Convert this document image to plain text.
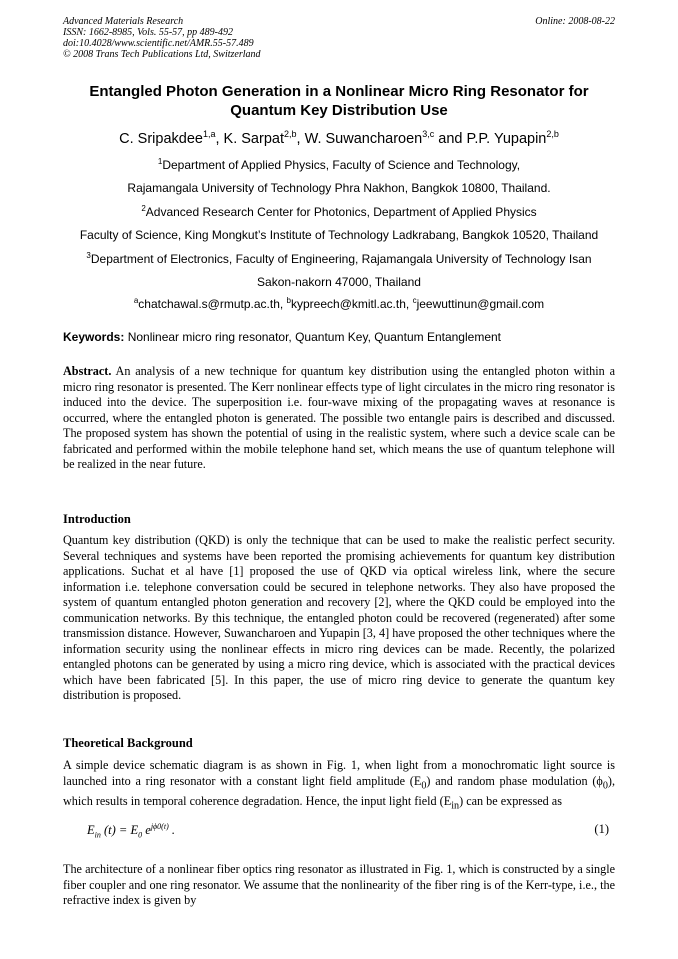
Advanced Materials Research
ISSN: 1662-8985, Vols. 55-57, pp 489-492
doi:10.4028/www.scientific.net/AMR.55-57.489
© 2008 Trans Tech Publications Ltd, Switzerland
Online: 2008-08-22
Entangled Photon Generation in a Nonlinear Micro Ring Resonator for
Quantum Key Distribution Use
C. Sripakdee$^{1,a}$, K. Sarpat$^{2,b}$, W. Suwancharoen$^{3,c}$ and P.P. Yupapin$^{2,b}$
$^1$Department of Applied Physics, Faculty of Science and Technology,
Rajamangala University of Technology Phra Nakhon, Bangkok 10800, Thailand.
$^2$Advanced Research Center for Photonics, Department of Applied Physics
Faculty of Science, King Mongkut’s Institute of Technology Ladkrabang, Bangkok 10520, Thailand
$^3$Department of Electronics, Faculty of Engineering, Rajamangala University of Technology Isan
Sakon-nakorn 47000, Thailand
$^a$chatchawal.s@rmutp.ac.th, $^b$kypreech@kmitl.ac.th, $^c$jeewuttinun@gmail.com
Keywords: Nonlinear micro ring resonator, Quantum Key, Quantum Entanglement
Abstract. An analysis of a new technique for quantum key distribution using the entangled photon within a micro ring resonator is presented. The Kerr nonlinear effects type of light circulates in the micro ring resonator is induced into the device. The superposition i.e. four-wave mixing of the propagating waves at resonance is occurred, where the entangled photon is generated. The possible two entangle pairs is described and discussed. The proposed system has shown the potential of using in the realistic system, where such a device scale can be fabricated and performed within the mobile telephone hand set, which means the use of quantum telephone will be realized in the near future.
Introduction
Quantum key distribution (QKD) is only the technique that can be used to make the realistic perfect security. Several techniques and systems have been reported the promising achievements for quantum key distribution applications. Suchat et al have [1] proposed the use of QKD via optical wireless link, where the secure information i.e. telephone conversation could be secured in telephone networks. They also have proposed the system of quantum entangled photon generation and recovery [2], where the QKD could be employed into the communication networks. By this technique, the entangled photon could be recovered (regenerated) after some transmission distance. However, Suwancharoen and Yupapin [3, 4] have proposed the other techniques where the information security using the nonlinear effects in micro ring devices can be made. Recently, the polarized entangled photons can be generated by using a micro ring device, which is associated with the practical devices which have been fabricated [5]. In this paper, the use of micro ring device to generate the quantum key distribution is proposed.
Theoretical Background
A simple device schematic diagram is as shown in Fig. 1, when light from a monochromatic light source is launched into a ring resonator with a constant light field amplitude $(E_0)$ and random phase modulation $(\phi_0)$, which results in temporal coherence degradation. Hence, the input light field $(E_{in})$ can be expressed as
$E_{in}$ $(t) = E_0$ $e^{j\phi 0(t)}$ .	(1)
The architecture of a nonlinear fiber optics ring resonator as illustrated in Fig. 1, which is constructed by a single fiber coupler and one ring resonator. We assume that the nonlinearity of the fiber ring is of the Kerr-type, i.e., the refractive index is given by
